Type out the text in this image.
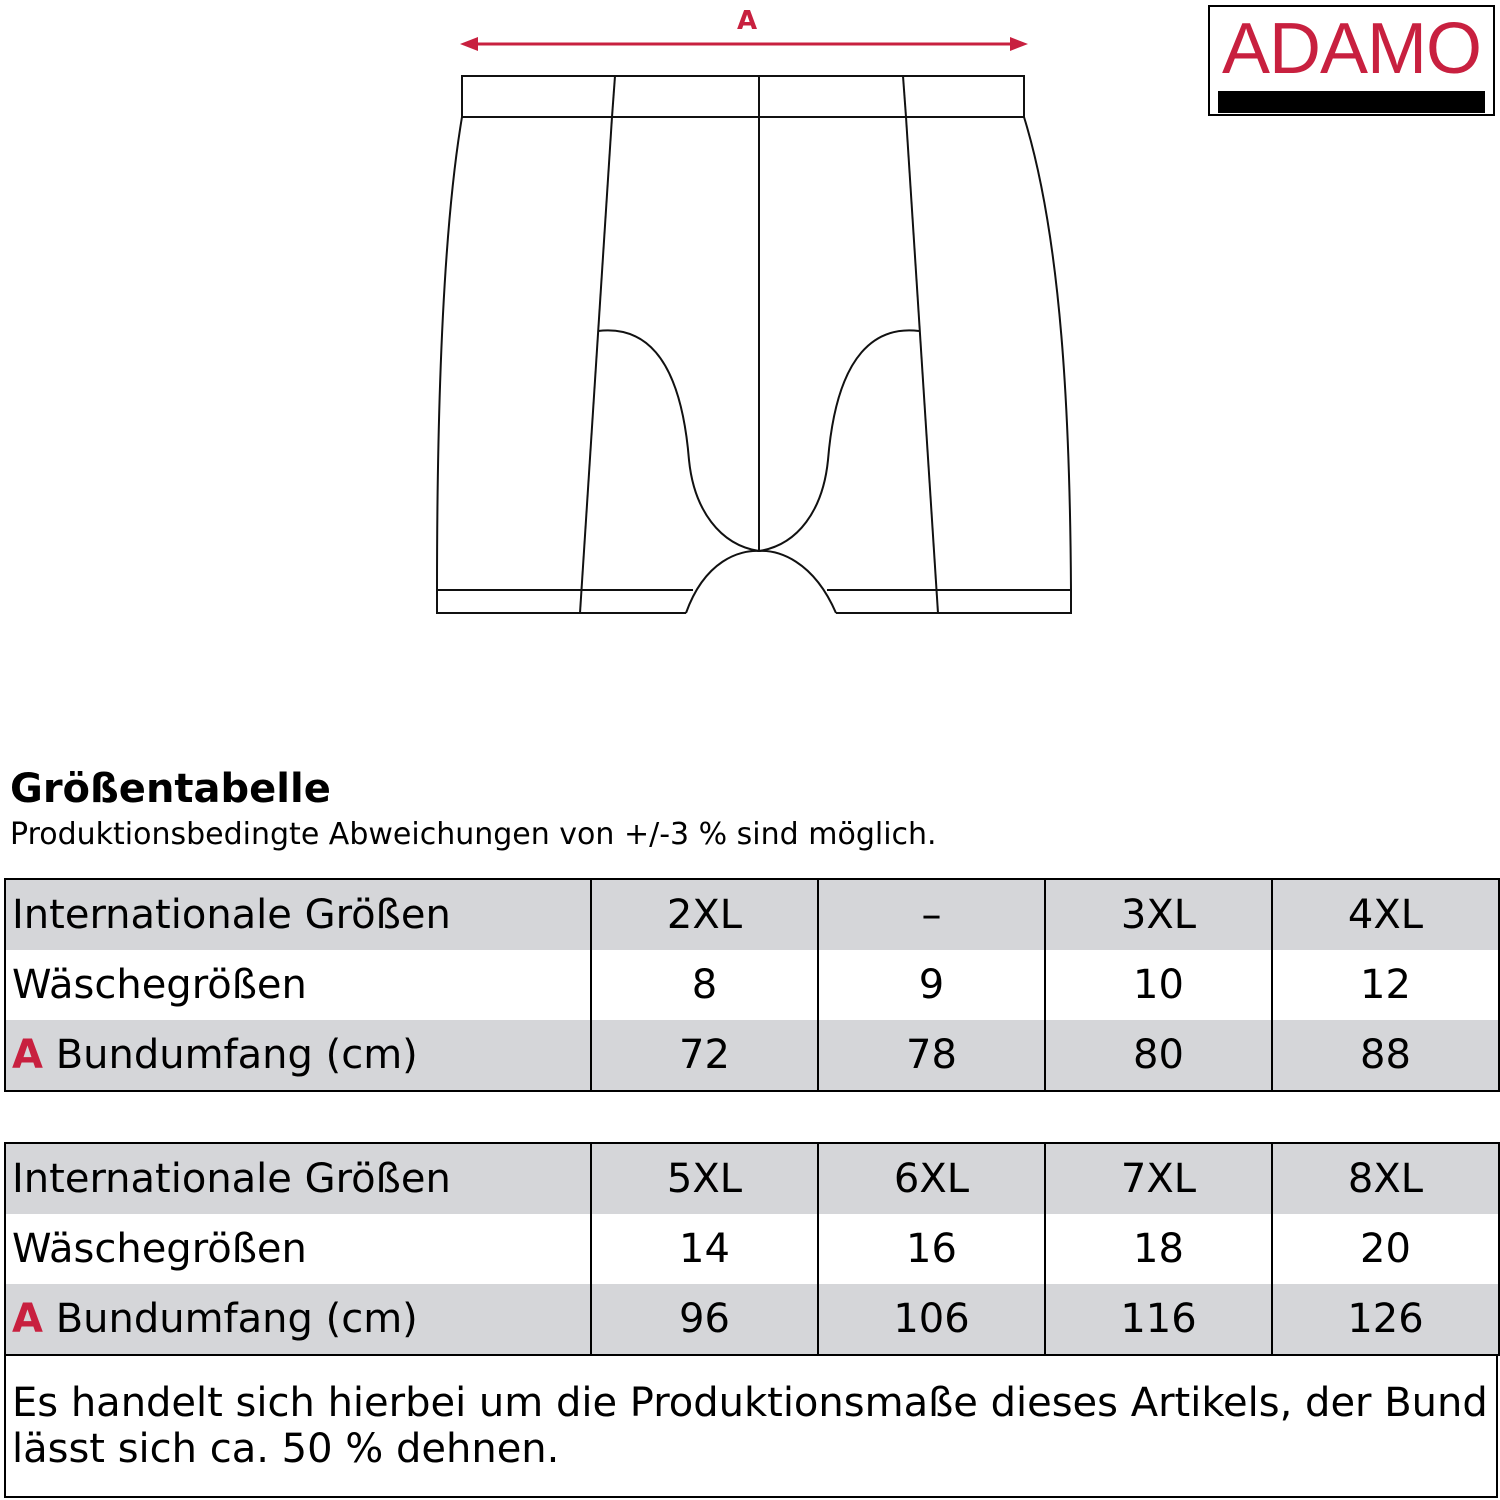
A	ADAMO
Größentabelle

Produktionsbedingte Abweichungen von +/-3 % sind möglich.

Internationale Größen	2XL	–	3XL	4XL
Wäschegrößen	8	9	10	12
A Bundumfang (cm)	72	78	80	88
Internationale Größen	5XL	6XL	7XL	8XL
Wäschegrößen	14	16	18	20
A Bundumfang (cm)	96	106	116	126
Es handelt sich hierbei um die Produktionsmaße dieses Artikels, der Bund lässt sich ca. 50 % dehnen.
